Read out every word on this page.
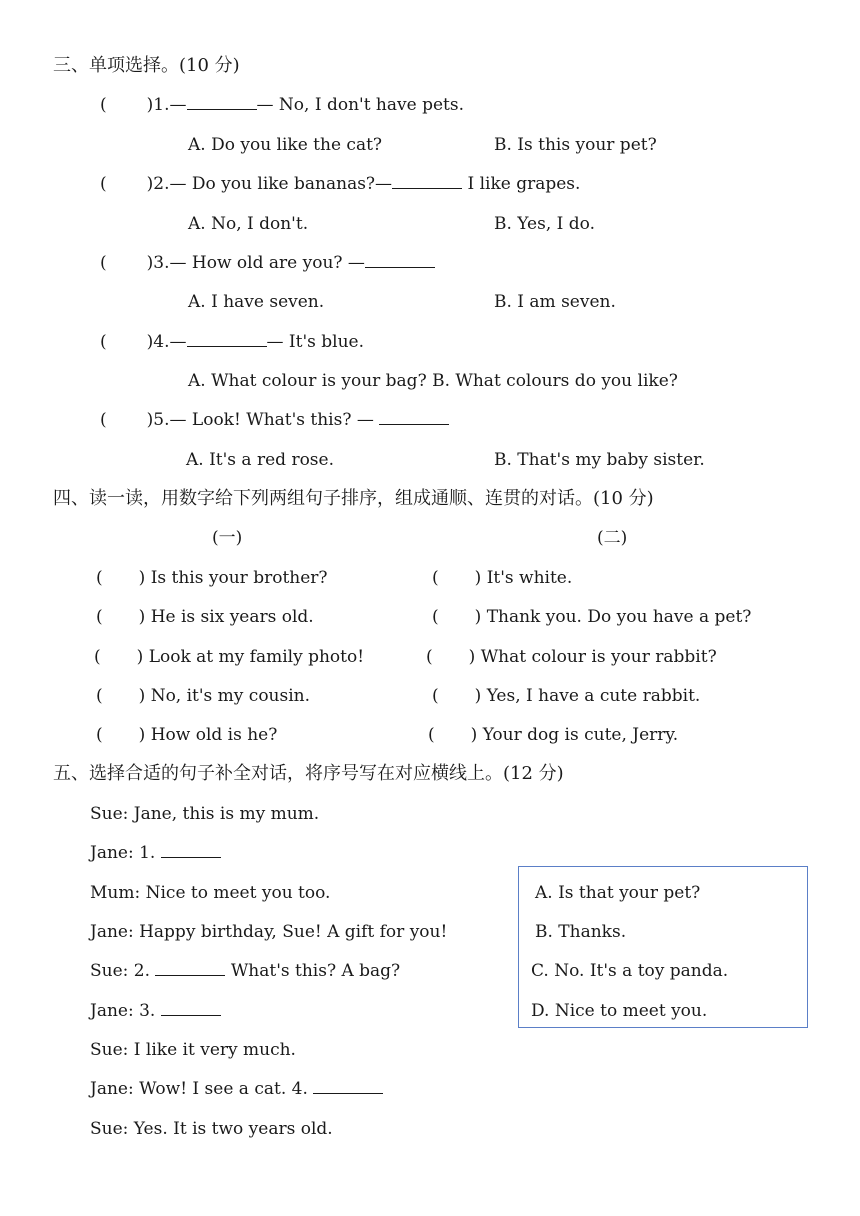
三、单项选择。(10 分)
( )1.—	— No, I don't have pets.
A. Do you like the cat?	B. Is this your pet?
( )2.— Do you like bananas?—	I like grapes.
A. No, I don't.	B. Yes, I do.
( )3.— How old are you? —
A. I have seven.	B. I am seven.
( )4.—	— It's blue.
A. What colour is your bag? B. What colours do you like?
( )5.— Look! What's this? —
A. It's a red rose.	B. That's my baby sister.
四、读一读，用数字给下列两组句子排序，组成通顺、连贯的对话。(10 分)
(一)	(二)
( ) Is this your brother?	( ) It's white.
( ) He is six years old.	( ) Thank you. Do you have a pet?
( ) Look at my family photo!	( ) What colour is your rabbit?
( ) No, it's my cousin.	( ) Yes, I have a cute rabbit.
( ) How old is he?	( ) Your dog is cute, Jerry.
五、选择合适的句子补全对话，将序号写在对应横线上。(12 分)
Sue: Jane, this is my mum.
Jane: 1.
Mum: Nice to meet you too.
Jane: Happy birthday, Sue! A gift for you!
Sue: 2.	What's this? A bag?
Jane: 3.
Sue: I like it very much.
Jane: Wow! I see a cat. 4.
Sue: Yes. It is two years old.
A. Is that your pet?
B. Thanks.
C. No. It's a toy panda.
D. Nice to meet you.
